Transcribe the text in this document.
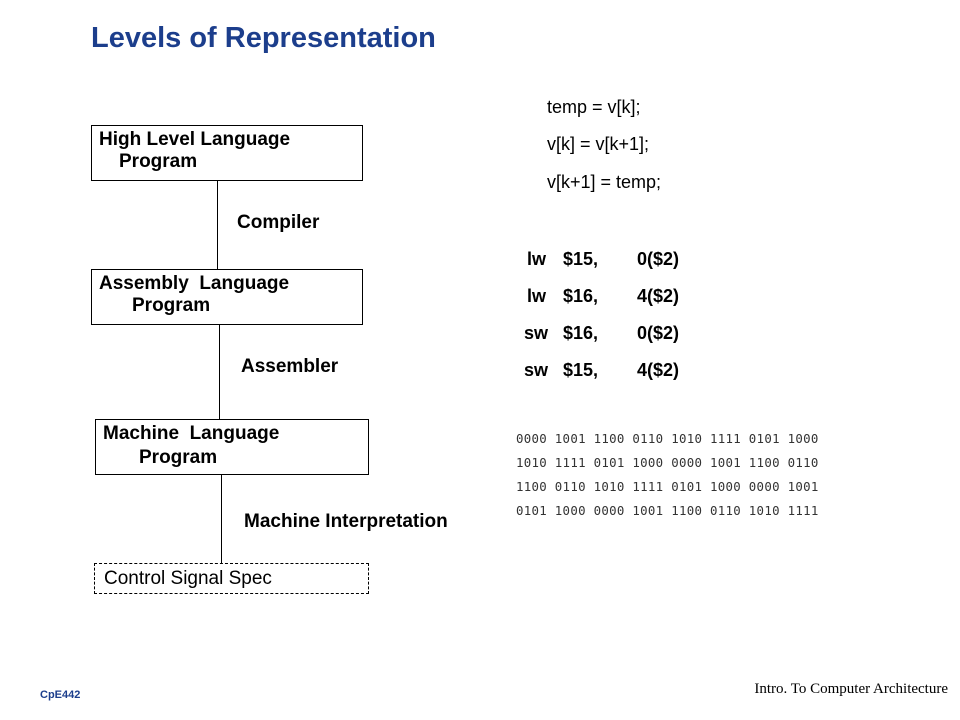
Levels of Representation
High Level Language
Program
Compiler
Assembly  Language
Program
Assembler
Machine  Language
Program
Machine Interpretation
Control Signal Spec
temp = v[k];
v[k] = v[k+1];
v[k+1] = temp;
lw $15, 0($2)
lw $16, 4($2)
sw $16, 0($2)
sw $15, 4($2)
0000 1001 1100 0110 1010 1111 0101 1000
1010 1111 0101 1000 0000 1001 1100 0110
1100 0110 1010 1111 0101 1000 0000 1001
0101 1000 0000 1001 1100 0110 1010 1111
CpE442	Intro. To Computer Architecture
